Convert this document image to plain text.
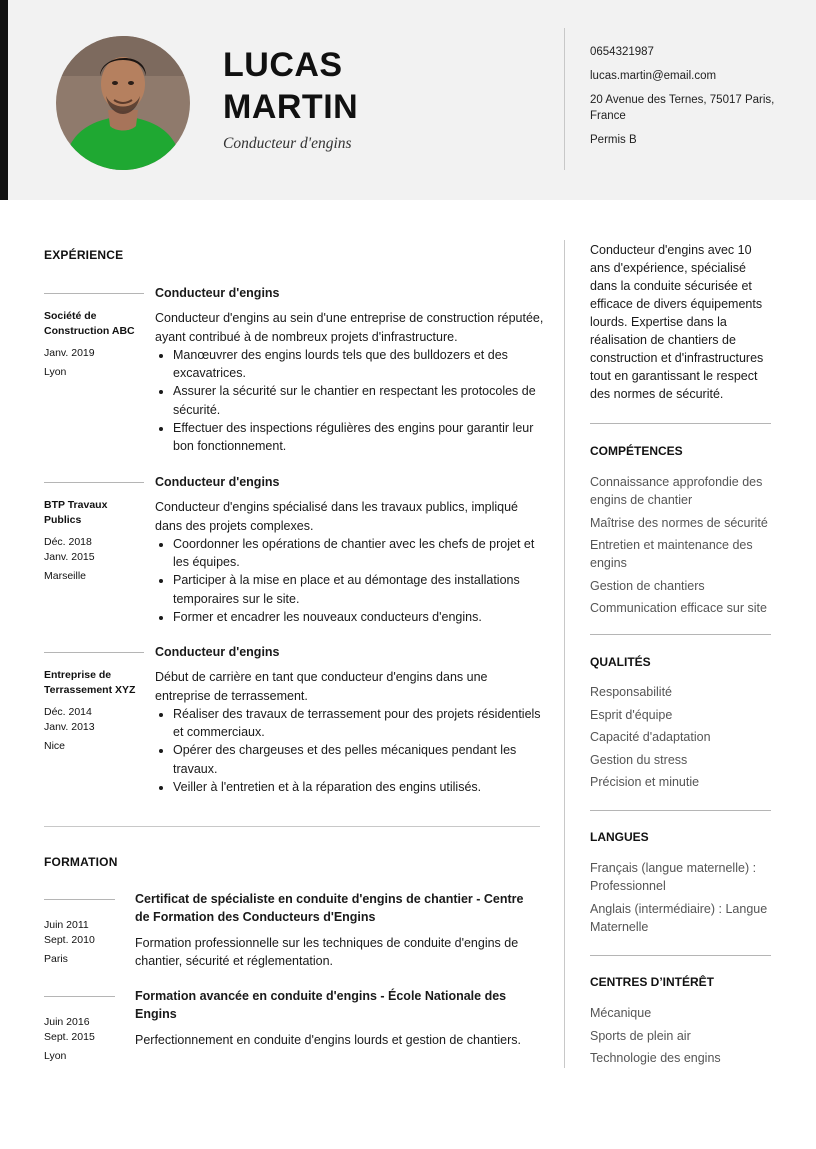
LUCAS
MARTIN
Conducteur d'engins
0654321987
lucas.martin@email.com
20 Avenue des Ternes, 75017 Paris, France
Permis B
EXPÉRIENCE
Société de Construction ABC
Janv. 2019
Lyon
Conducteur d'engins
Conducteur d'engins au sein d'une entreprise de construction réputée, ayant contribué à de nombreux projets d'infrastructure.
• Manœuvrer des engins lourds tels que des bulldozers et des excavatrices.
• Assurer la sécurité sur le chantier en respectant les protocoles de sécurité.
• Effectuer des inspections régulières des engins pour garantir leur bon fonctionnement.
BTP Travaux Publics
Déc. 2018
Janv. 2015
Marseille
Conducteur d'engins
Conducteur d'engins spécialisé dans les travaux publics, impliqué dans des projets complexes.
• Coordonner les opérations de chantier avec les chefs de projet et les équipes.
• Participer à la mise en place et au démontage des installations temporaires sur le site.
• Former et encadrer les nouveaux conducteurs d'engins.
Entreprise de Terrassement XYZ
Déc. 2014
Janv. 2013
Nice
Conducteur d'engins
Début de carrière en tant que conducteur d'engins dans une entreprise de terrassement.
• Réaliser des travaux de terrassement pour des projets résidentiels et commerciaux.
• Opérer des chargeuses et des pelles mécaniques pendant les travaux.
• Veiller à l'entretien et à la réparation des engins utilisés.
FORMATION
Juin 2011
Sept. 2010
Paris
Certificat de spécialiste en conduite d'engins de chantier - Centre de Formation des Conducteurs d'Engins
Formation professionnelle sur les techniques de conduite d'engins de chantier, sécurité et réglementation.
Juin 2016
Sept. 2015
Lyon
Formation avancée en conduite d'engins - École Nationale des Engins
Perfectionnement en conduite d'engins lourds et gestion de chantiers.
Conducteur d'engins avec 10 ans d'expérience, spécialisé dans la conduite sécurisée et efficace de divers équipements lourds. Expertise dans la réalisation de chantiers de construction et d'infrastructures tout en garantissant le respect des normes de sécurité.
COMPÉTENCES
Connaissance approfondie des engins de chantier
Maîtrise des normes de sécurité
Entretien et maintenance des engins
Gestion de chantiers
Communication efficace sur site
QUALITÉS
Responsabilité
Esprit d'équipe
Capacité d'adaptation
Gestion du stress
Précision et minutie
LANGUES
Français (langue maternelle) : Professionnel
Anglais (intermédiaire) : Langue Maternelle
CENTRES D’INTÉRÊT
Mécanique
Sports de plein air
Technologie des engins
